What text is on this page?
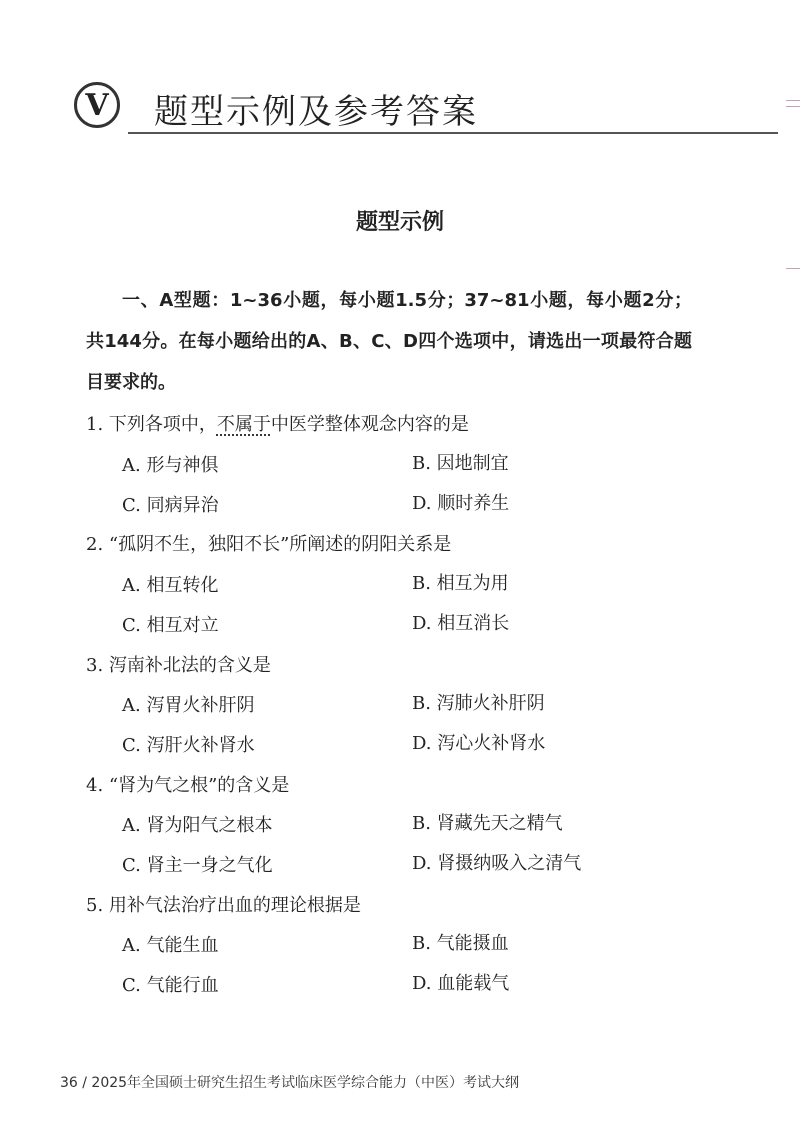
V	题型示例及参考答案
题型示例
一、A型题：1~36小题，每小题1.5分；37~81小题，每小题2分；共144分。在每小题给出的A、B、C、D四个选项中，请选出一项最符合题目要求的。
1. 下列各项中，不属于中医学整体观念内容的是
A. 形与神俱	B. 因地制宜
C. 同病异治	D. 顺时养生
2. “孤阴不生，独阳不长”所阐述的阴阳关系是
A. 相互转化	B. 相互为用
C. 相互对立	D. 相互消长
3. 泻南补北法的含义是
A. 泻胃火补肝阴	B. 泻肺火补肝阴
C. 泻肝火补肾水	D. 泻心火补肾水
4. “肾为气之根”的含义是
A. 肾为阳气之根本	B. 肾藏先天之精气
C. 肾主一身之气化	D. 肾摄纳吸入之清气
5. 用补气法治疗出血的理论根据是
A. 气能生血	B. 气能摄血
C. 气能行血	D. 血能载气
36 / 2025年全国硕士研究生招生考试临床医学综合能力（中医）考试大纲
